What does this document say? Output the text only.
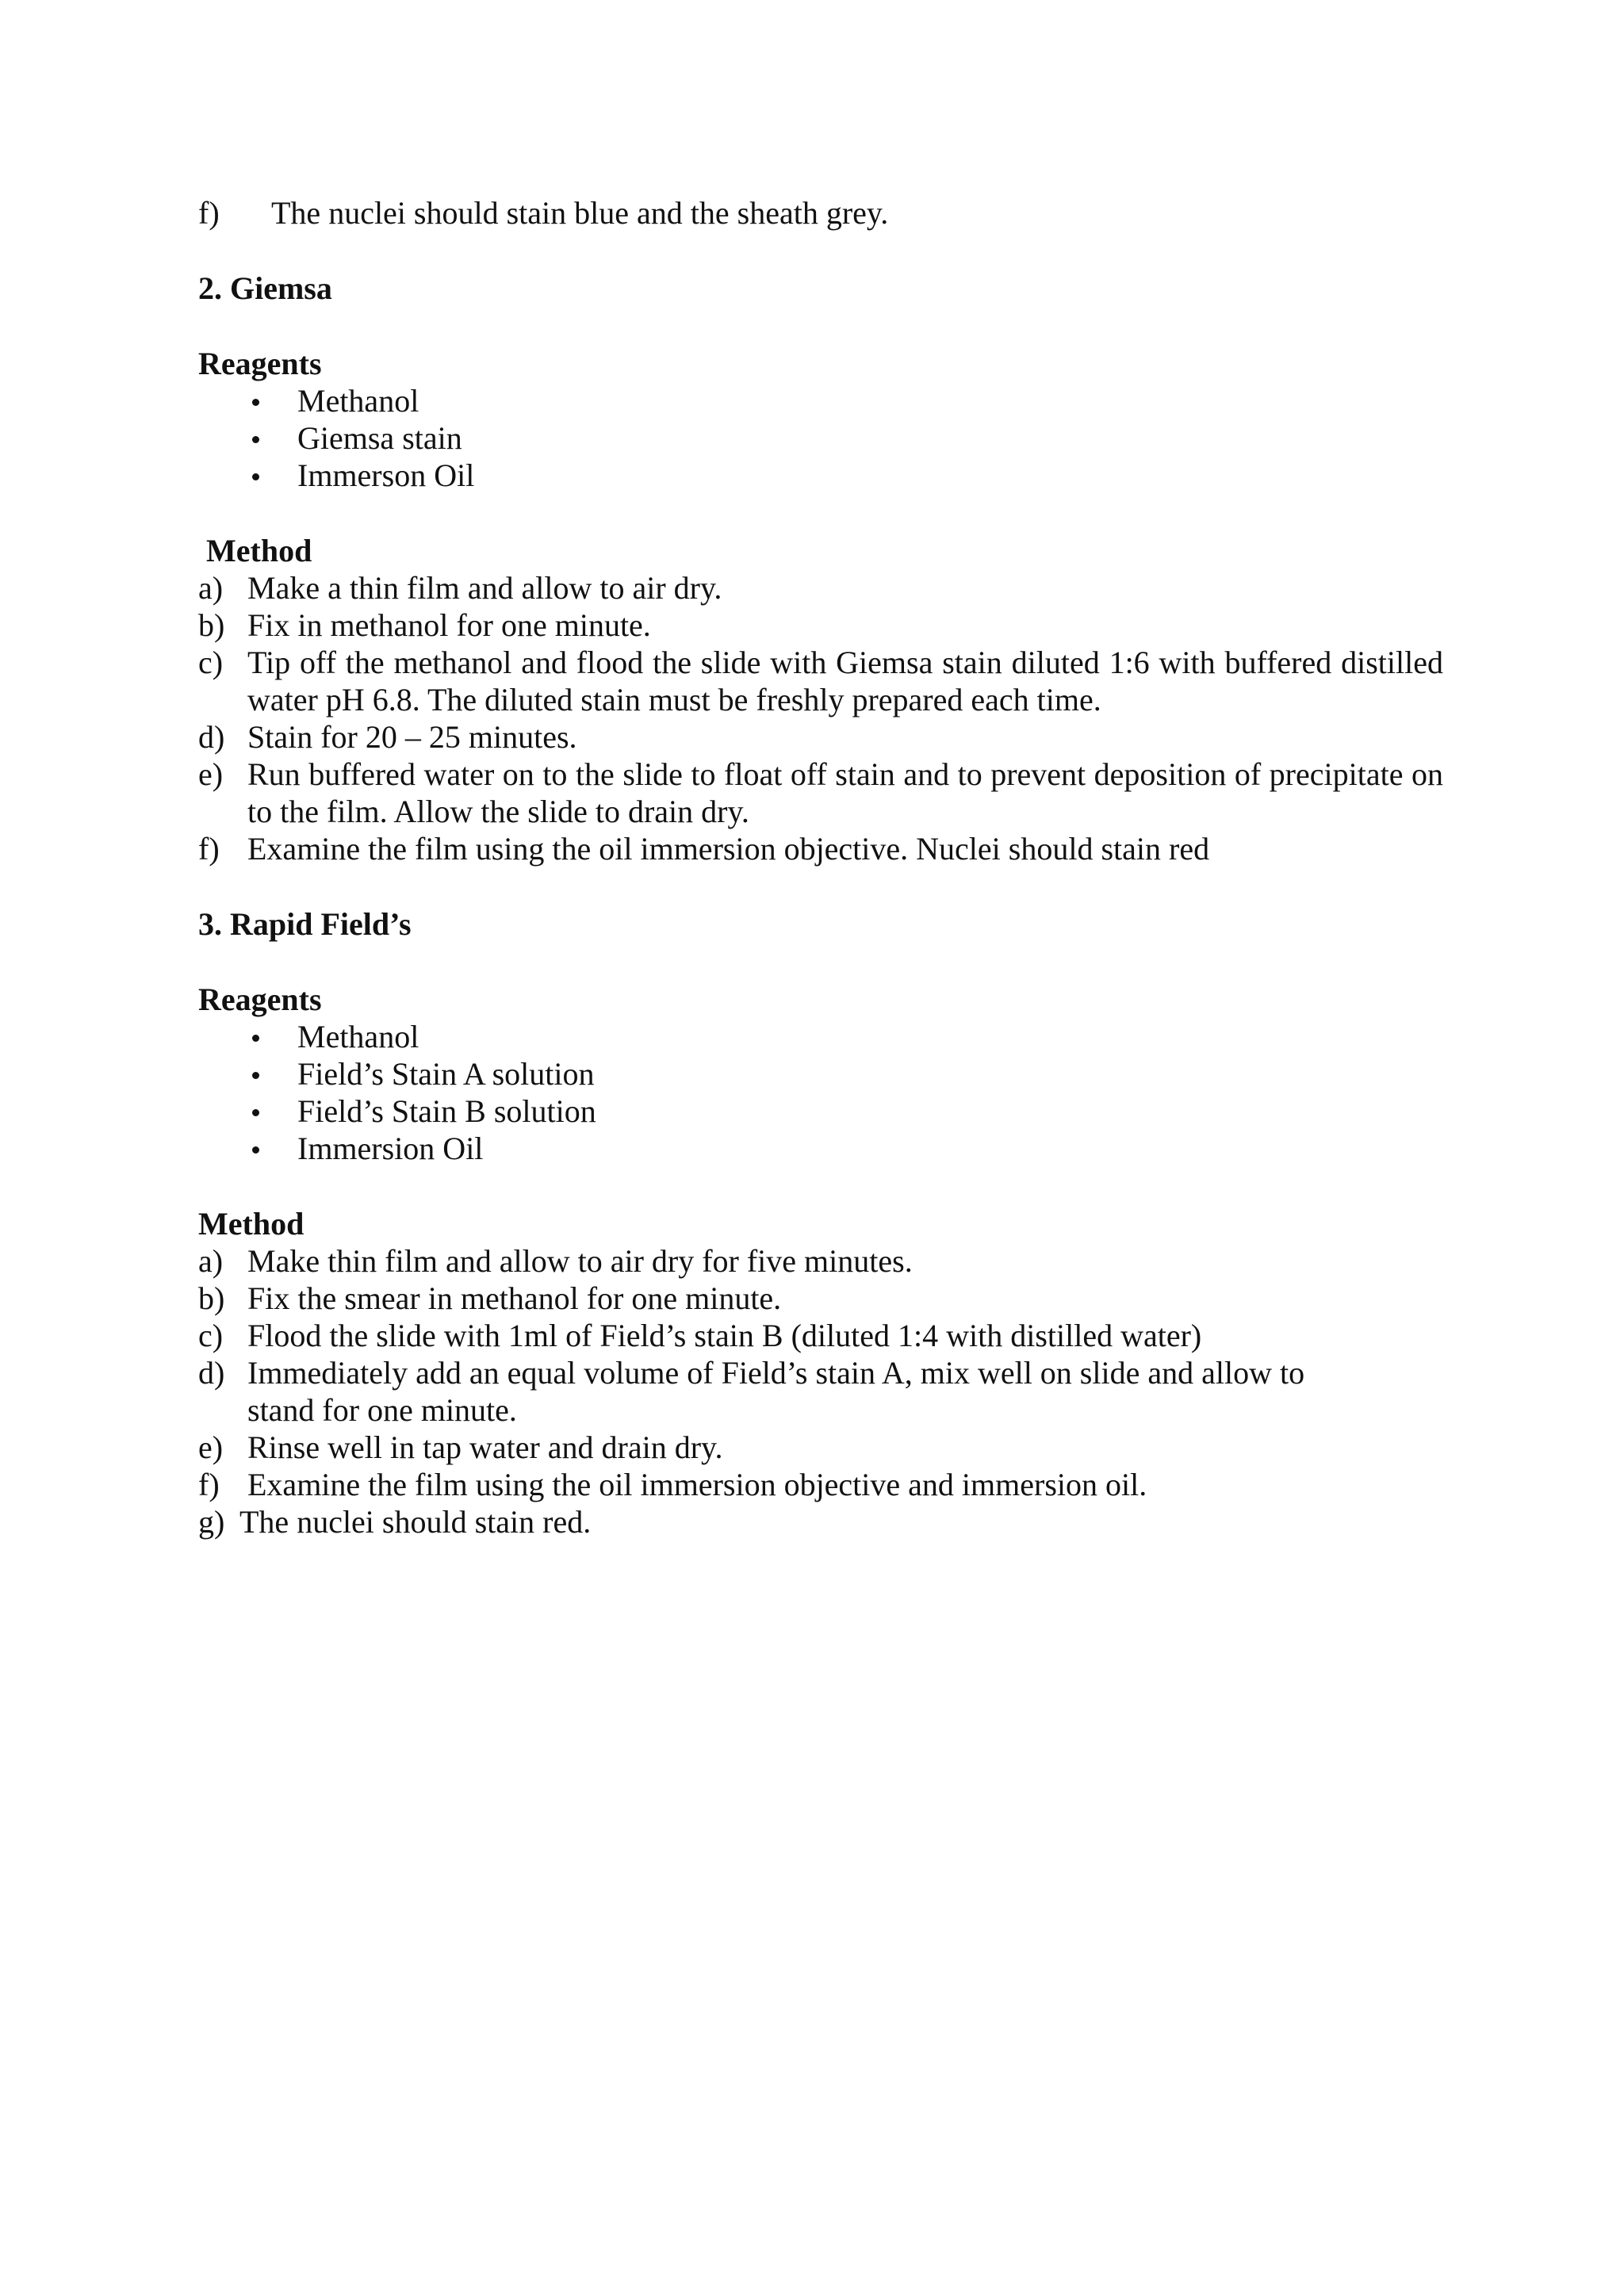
f) The nuclei should stain blue and the sheath grey.
2. Giemsa
Reagents
Methanol
Giemsa stain
Immerson Oil
Method
a) Make a thin film and allow to air dry.
b) Fix in methanol for one minute.
c) Tip off the methanol and flood the slide with Giemsa stain diluted 1:6 with buffered distilled water pH 6.8. The diluted stain must be freshly prepared each time.
d) Stain for 20 – 25 minutes.
e) Run buffered water on to the slide to float off stain and to prevent deposition of precipitate on to the film. Allow the slide to drain dry.
f) Examine the film using the oil immersion objective. Nuclei should stain red
3. Rapid Field’s
Reagents
Methanol
Field’s Stain A solution
Field’s Stain B solution
Immersion Oil
Method
a) Make thin film and allow to air dry for five minutes.
b) Fix the smear in methanol for one minute.
c) Flood the slide with 1ml of Field’s stain B (diluted 1:4 with distilled water)
d) Immediately add an equal volume of Field’s stain A, mix well on slide and allow to stand for one minute.
e) Rinse well in tap water and drain dry.
f) Examine the film using the oil immersion objective and immersion oil.
g) The nuclei should stain red.
